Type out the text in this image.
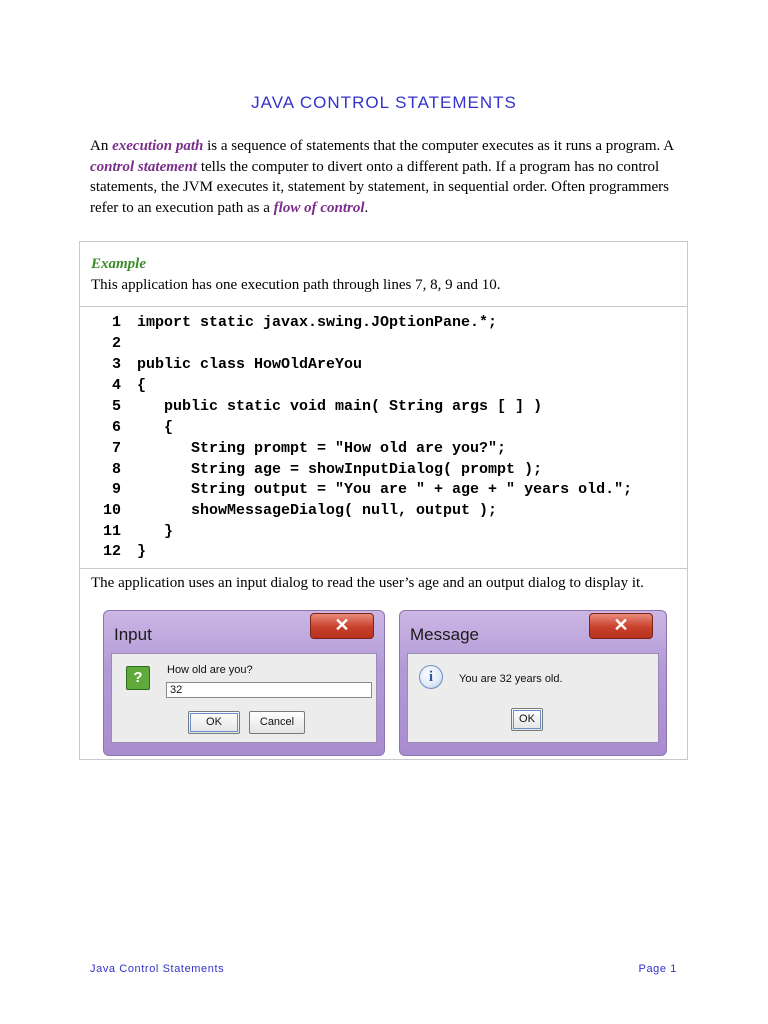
JAVA CONTROL STATEMENTS
An execution path is a sequence of statements that the computer executes as it runs a program. A control statement tells the computer to divert onto a different path. If a program has no control statements, the JVM executes it, statement by statement, in sequential order. Often programmers refer to an execution path as a flow of control.
Example
This application has one execution path through lines 7, 8, 9 and 10.
1 import static javax.swing.JOptionPane.*;
2
3 public class HowOldAreYou
4 {
5 public static void main( String args [ ] )
6 {
7 String prompt = "How old are you?";
8 String age = showInputDialog( prompt );
9 String output = "You are " + age + " years old.";
10 showMessageDialog( null, output );
11 }
12 }
The application uses an input dialog to read the user’s age and an output dialog to display it.
Input	✕
?	How old are you?
32
OK	Cancel
Message	✕
i	You are 32 years old.
OK
Java Control Statements	Page 1
